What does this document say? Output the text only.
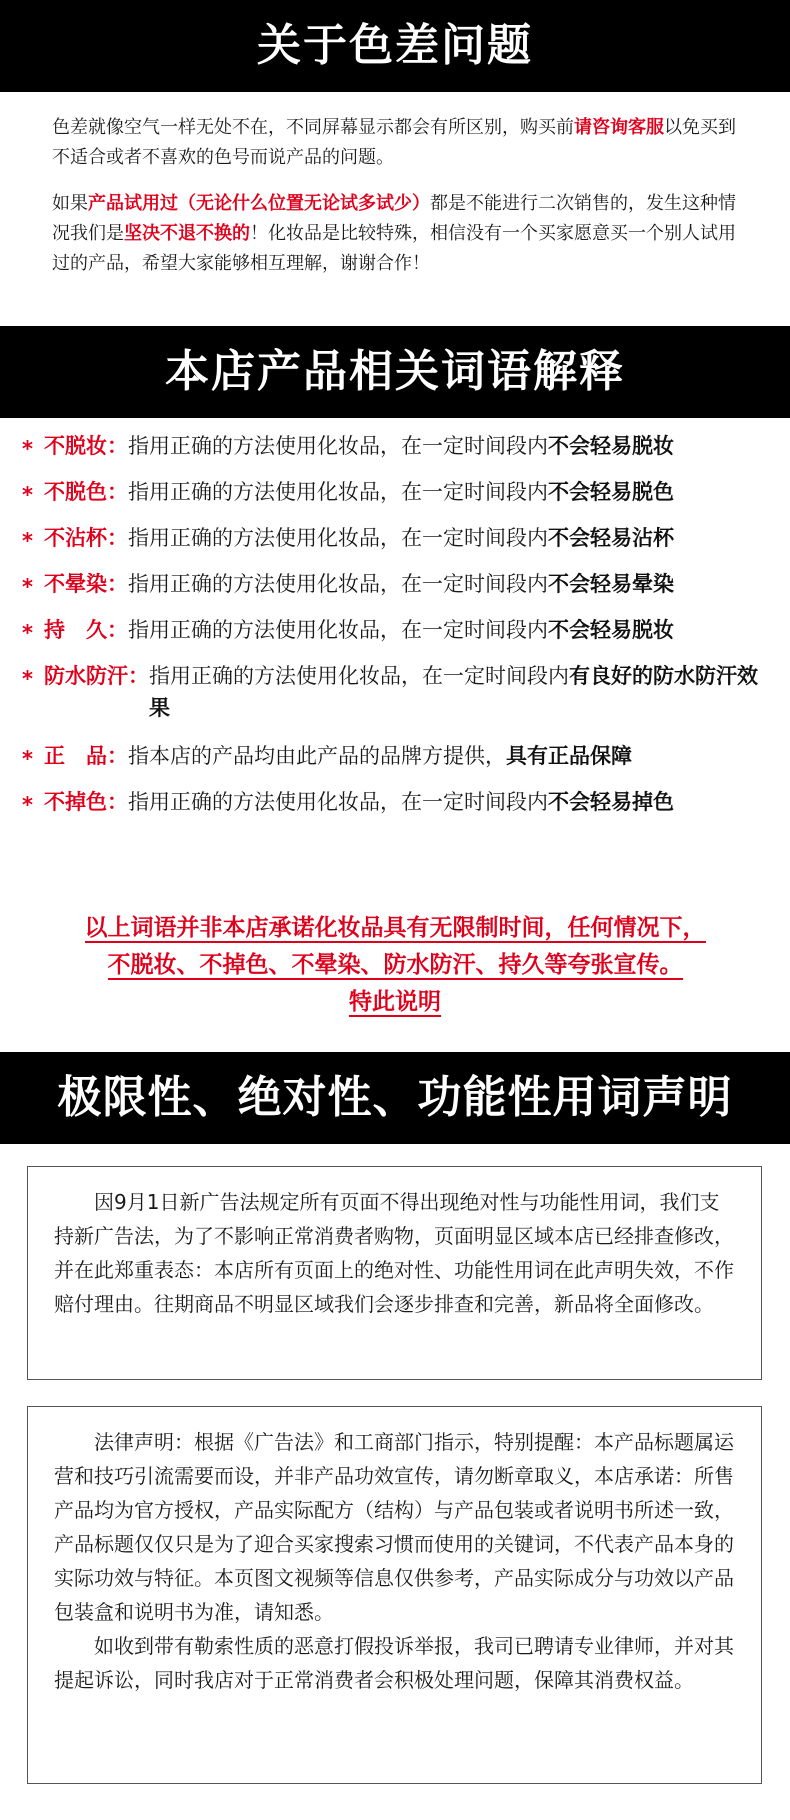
关于色差问题
色差就像空气一样无处不在，不同屏幕显示都会有所区别，购买前请咨询客服以免买到不适合或者不喜欢的色号而说产品的问题。
如果产品试用过（无论什么位置无论试多试少）都是不能进行二次销售的，发生这种情况我们是坚决不退不换的！化妆品是比较特殊，相信没有一个买家愿意买一个别人试用过的产品，希望大家能够相互理解，谢谢合作！
本店产品相关词语解释
* 不脱妆： 指用正确的方法使用化妆品，在一定时间段内不会轻易脱妆
* 不脱色： 指用正确的方法使用化妆品，在一定时间段内不会轻易脱色
* 不沾杯： 指用正确的方法使用化妆品，在一定时间段内不会轻易沾杯
* 不晕染： 指用正确的方法使用化妆品，在一定时间段内不会轻易晕染
* 持　久： 指用正确的方法使用化妆品，在一定时间段内不会轻易脱妆
* 防水防汗： 指用正确的方法使用化妆品，在一定时间段内有良好的防水防汗效果
* 正　品： 指本店的产品均由此产品的品牌方提供，具有正品保障
* 不掉色： 指用正确的方法使用化妆品，在一定时间段内不会轻易掉色
以上词语并非本店承诺化妆品具有无限制时间，任何情况下，
不脱妆、不掉色、不晕染、防水防汗、持久等夸张宣传。
特此说明
极限性、绝对性、功能性用词声明

因9月1日新广告法规定所有页面不得出现绝对性与功能性用词，我们支持新广告法，为了不影响正常消费者购物，页面明显区域本店已经排查修改，并在此郑重表态：本店所有页面上的绝对性、功能性用词在此声明失效，不作赔付理由。往期商品不明显区域我们会逐步排查和完善，新品将全面修改。

法律声明：根据《广告法》和工商部门指示，特别提醒：本产品标题属运营和技巧引流需要而设，并非产品功效宣传，请勿断章取义，本店承诺：所售产品均为官方授权，产品实际配方（结构）与产品包装或者说明书所述一致，产品标题仅仅只是为了迎合买家搜索习惯而使用的关键词，不代表产品本身的实际功效与特征。本页图文视频等信息仅供参考，产品实际成分与功效以产品包装盒和说明书为准，请知悉。

如收到带有勒索性质的恶意打假投诉举报，我司已聘请专业律师，并对其提起诉讼，同时我店对于正常消费者会积极处理问题，保障其消费权益。
